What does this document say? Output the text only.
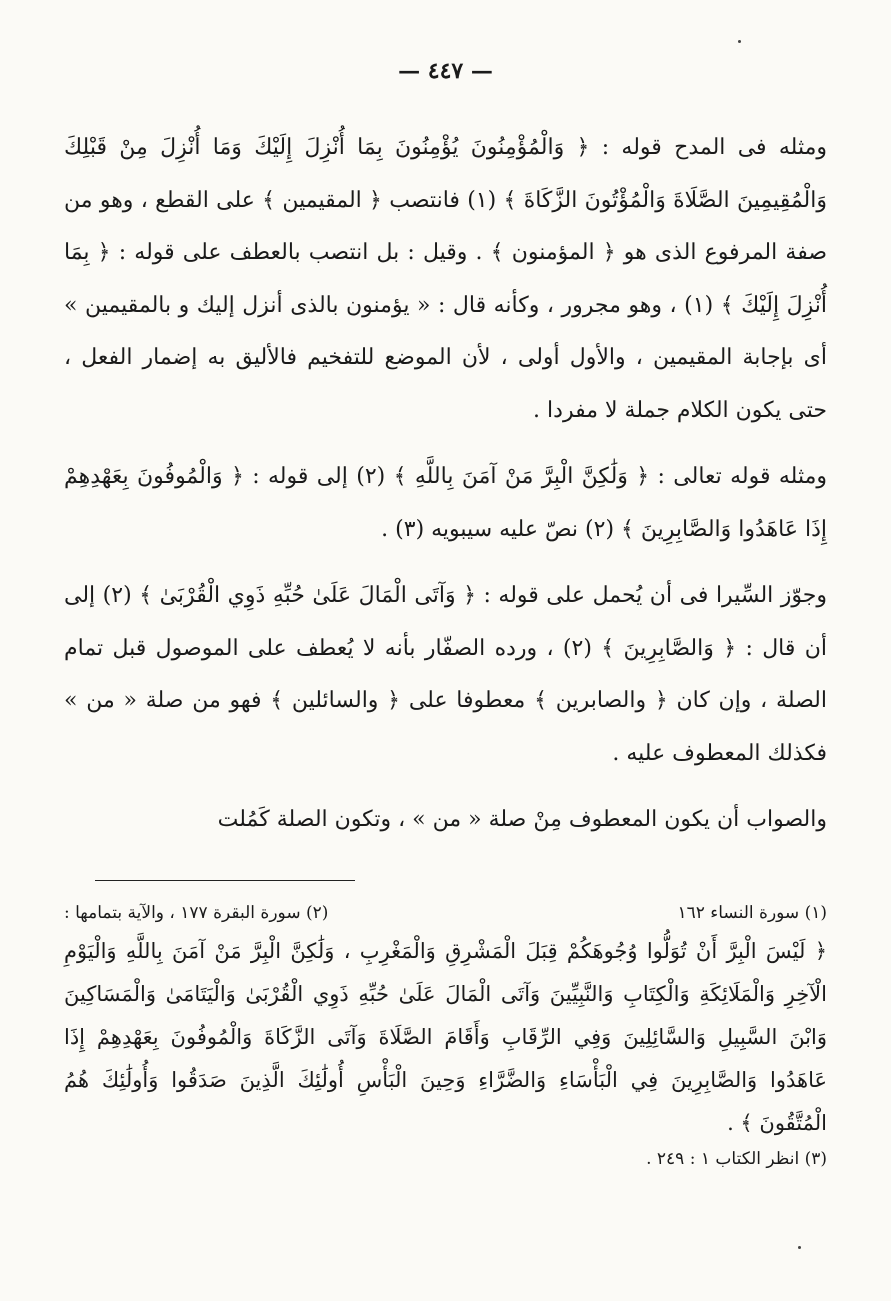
— ٤٤٧ —

ومثله فى المدح قوله : ﴿ وَالْمُؤْمِنُونَ يُؤْمِنُونَ بِمَا أُنْزِلَ إِلَيْكَ وَمَا أُنْزِلَ مِنْ قَبْلِكَ وَالْمُقِيمِينَ الصَّلَاةَ وَالْمُؤْتُونَ الزَّكَاةَ ﴾ (١) فانتصب ﴿ المقيمين ﴾ على القطع ، وهو من صفة المرفوع الذى هو ﴿ المؤمنون ﴾ . وقيل : بل انتصب بالعطف على قوله : ﴿ بِمَا أُنْزِلَ إِلَيْكَ ﴾ (١) ، وهو مجرور ، وكأنه قال : « يؤمنون بالذى أنزل إليك و بالمقيمين » أى بإجابة المقيمين ، والأول أولى ، لأن الموضع للتفخيم فالأليق به إضمار الفعل ، حتى يكون الكلام جملة لا مفردا .

ومثله قوله تعالى : ﴿ وَلَٰكِنَّ الْبِرَّ مَنْ آمَنَ بِاللَّهِ ﴾ (٢) إلى قوله : ﴿ وَالْمُوفُونَ بِعَهْدِهِمْ إِذَا عَاهَدُوا وَالصَّابِرِينَ ﴾ (٢) نصّ عليه سيبويه (٣) .

وجوّز السِّيرا فى أن يُحمل على قوله : ﴿ وَآتَى الْمَالَ عَلَىٰ حُبِّهِ ذَوِي الْقُرْبَىٰ ﴾ (٢) إلى أن قال : ﴿ وَالصَّابِرِينَ ﴾ (٢) ، ورده الصفّار بأنه لا يُعطف على الموصول قبل تمام الصلة ، وإن كان ﴿ والصابرين ﴾ معطوفا على ﴿ والسائلين ﴾ فهو من صلة « من » فكذلك المعطوف عليه .

والصواب أن يكون المعطوف مِنْ صلة « من » ، وتكون الصلة كَمُلت

(١) سورة النساء ١٦٢
(٢) سورة البقرة ١٧٧ ، والآية بتمامها :
﴿ لَيْسَ الْبِرَّ أَنْ تُوَلُّوا وُجُوهَكُمْ قِبَلَ الْمَشْرِقِ وَالْمَغْرِبِ ، وَلَٰكِنَّ الْبِرَّ مَنْ آمَنَ بِاللَّهِ وَالْيَوْمِ الْآخِرِ وَالْمَلَائِكَةِ وَالْكِتَابِ وَالنَّبِيِّينَ وَآتَى الْمَالَ عَلَىٰ حُبِّهِ ذَوِي الْقُرْبَىٰ وَالْيَتَامَىٰ وَالْمَسَاكِينَ وَابْنَ السَّبِيلِ وَالسَّائِلِينَ وَفِي الرِّقَابِ وَأَقَامَ الصَّلَاةَ وَآتَى الزَّكَاةَ وَالْمُوفُونَ بِعَهْدِهِمْ إِذَا عَاهَدُوا وَالصَّابِرِينَ فِي الْبَأْسَاءِ وَالضَّرَّاءِ وَحِينَ الْبَأْسِ أُولَٰئِكَ الَّذِينَ صَدَقُوا وَأُولَٰئِكَ هُمُ الْمُتَّقُونَ ﴾ .
(٣) انظر الكتاب ١ : ٢٤٩ .
